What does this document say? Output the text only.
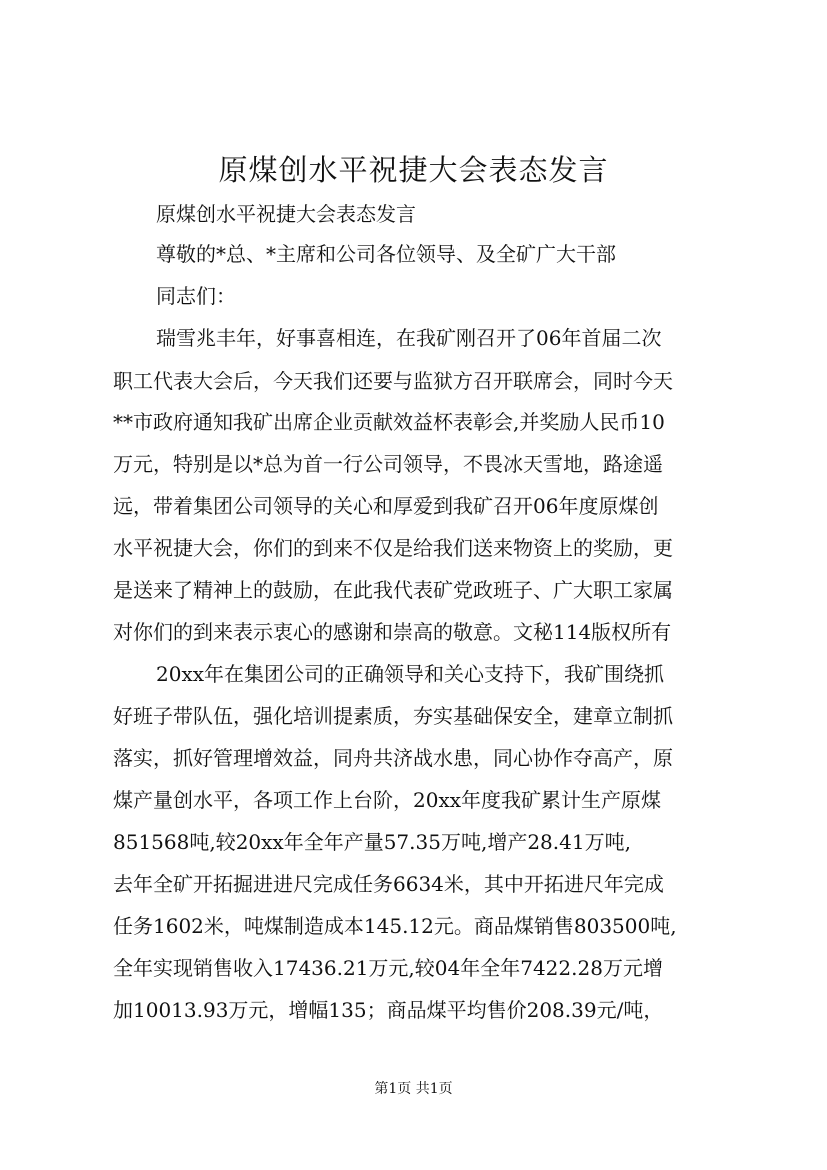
原煤创水平祝捷大会表态发言
原煤创水平祝捷大会表态发言
尊敬的*总、*主席和公司各位领导、及全矿广大干部
同志们：
瑞雪兆丰年，好事喜相连，在我矿刚召开了06年首届二次
职工代表大会后，今天我们还要与监狱方召开联席会，同时今天
**市政府通知我矿出席企业贡献效益杯表彰会,并奖励人民币10
万元，特别是以*总为首一行公司领导，不畏冰天雪地，路途遥
远，带着集团公司领导的关心和厚爱到我矿召开06年度原煤创
水平祝捷大会，你们的到来不仅是给我们送来物资上的奖励，更
是送来了精神上的鼓励，在此我代表矿党政班子、广大职工家属
对你们的到来表示衷心的感谢和崇高的敬意。文秘114版权所有
20xx年在集团公司的正确领导和关心支持下，我矿围绕抓
好班子带队伍，强化培训提素质，夯实基础保安全，建章立制抓
落实，抓好管理增效益，同舟共济战水患，同心协作夺高产，原
煤产量创水平，各项工作上台阶，20xx年度我矿累计生产原煤
851568吨,较20xx年全年产量57.35万吨,增产28.41万吨,
去年全矿开拓掘进进尺完成任务6634米，其中开拓进尺年完成
任务1602米，吨煤制造成本145.12元。商品煤销售803500吨,
全年实现销售收入17436.21万元,较04年全年7422.28万元增
加10013.93万元，增幅135；商品煤平均售价208.39元/吨，
第1页 共1页
